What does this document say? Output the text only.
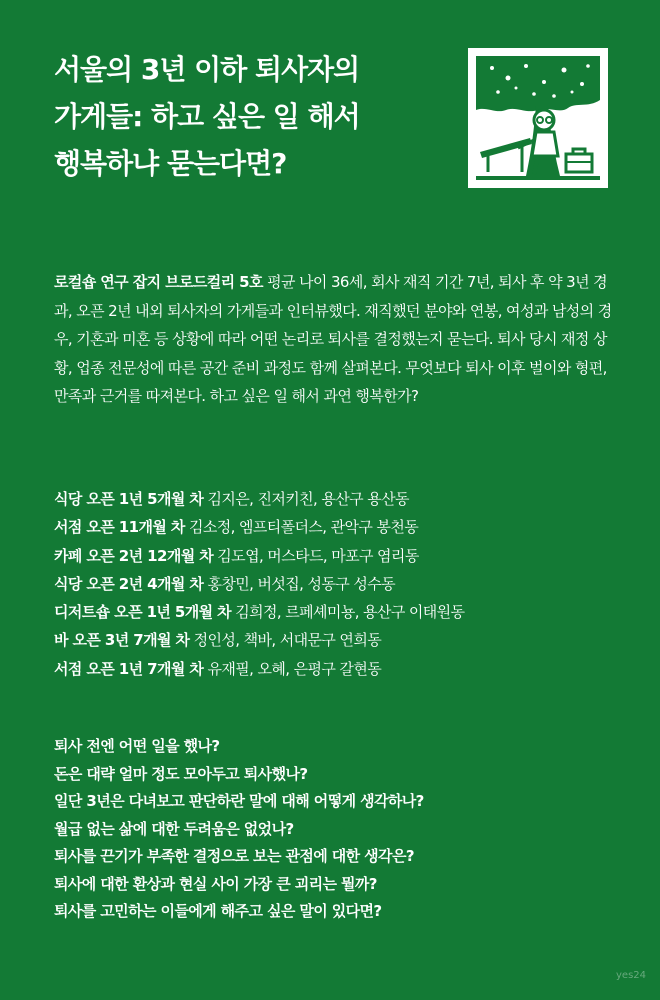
서울의 3년 이하 퇴사자의
가게들: 하고 싶은 일 해서
행복하냐 묻는다면?

로컬숍 연구 잡지 브로드컬리 5호 평균 나이 36세, 회사 재직 기간 7년, 퇴사 후 약 3년 경과, 오픈 2년 내외 퇴사자의 가게들과 인터뷰했다. 재직했던 분야와 연봉, 여성과 남성의 경우, 기혼과 미혼 등 상황에 따라 어떤 논리로 퇴사를 결정했는지 묻는다. 퇴사 당시 재정 상황, 업종 전문성에 따른 공간 준비 과정도 함께 살펴본다. 무엇보다 퇴사 이후 벌이와 형편, 만족과 근거를 따져본다. 하고 싶은 일 해서 과연 행복한가?

식당 오픈 1년 5개월 차 김지은, 진저키친, 용산구 용산동
서점 오픈 11개월 차 김소정, 엠프티폴더스, 관악구 봉천동
카페 오픈 2년 12개월 차 김도엽, 머스타드, 마포구 염리동
식당 오픈 2년 4개월 차 홍창민, 버섯집, 성동구 성수동
디저트숍 오픈 1년 5개월 차 김희정, 르페셰미뇽, 용산구 이태원동
바 오픈 3년 7개월 차 정인성, 책바, 서대문구 연희동
서점 오픈 1년 7개월 차 유재필, 오혜, 은평구 갈현동
퇴사 전엔 어떤 일을 했나?
돈은 대략 얼마 정도 모아두고 퇴사했나?
일단 3년은 다녀보고 판단하란 말에 대해 어떻게 생각하나?
월급 없는 삶에 대한 두려움은 없었나?
퇴사를 끈기가 부족한 결정으로 보는 관점에 대한 생각은?
퇴사에 대한 환상과 현실 사이 가장 큰 괴리는 뭘까?
퇴사를 고민하는 이들에게 해주고 싶은 말이 있다면?
yes24
